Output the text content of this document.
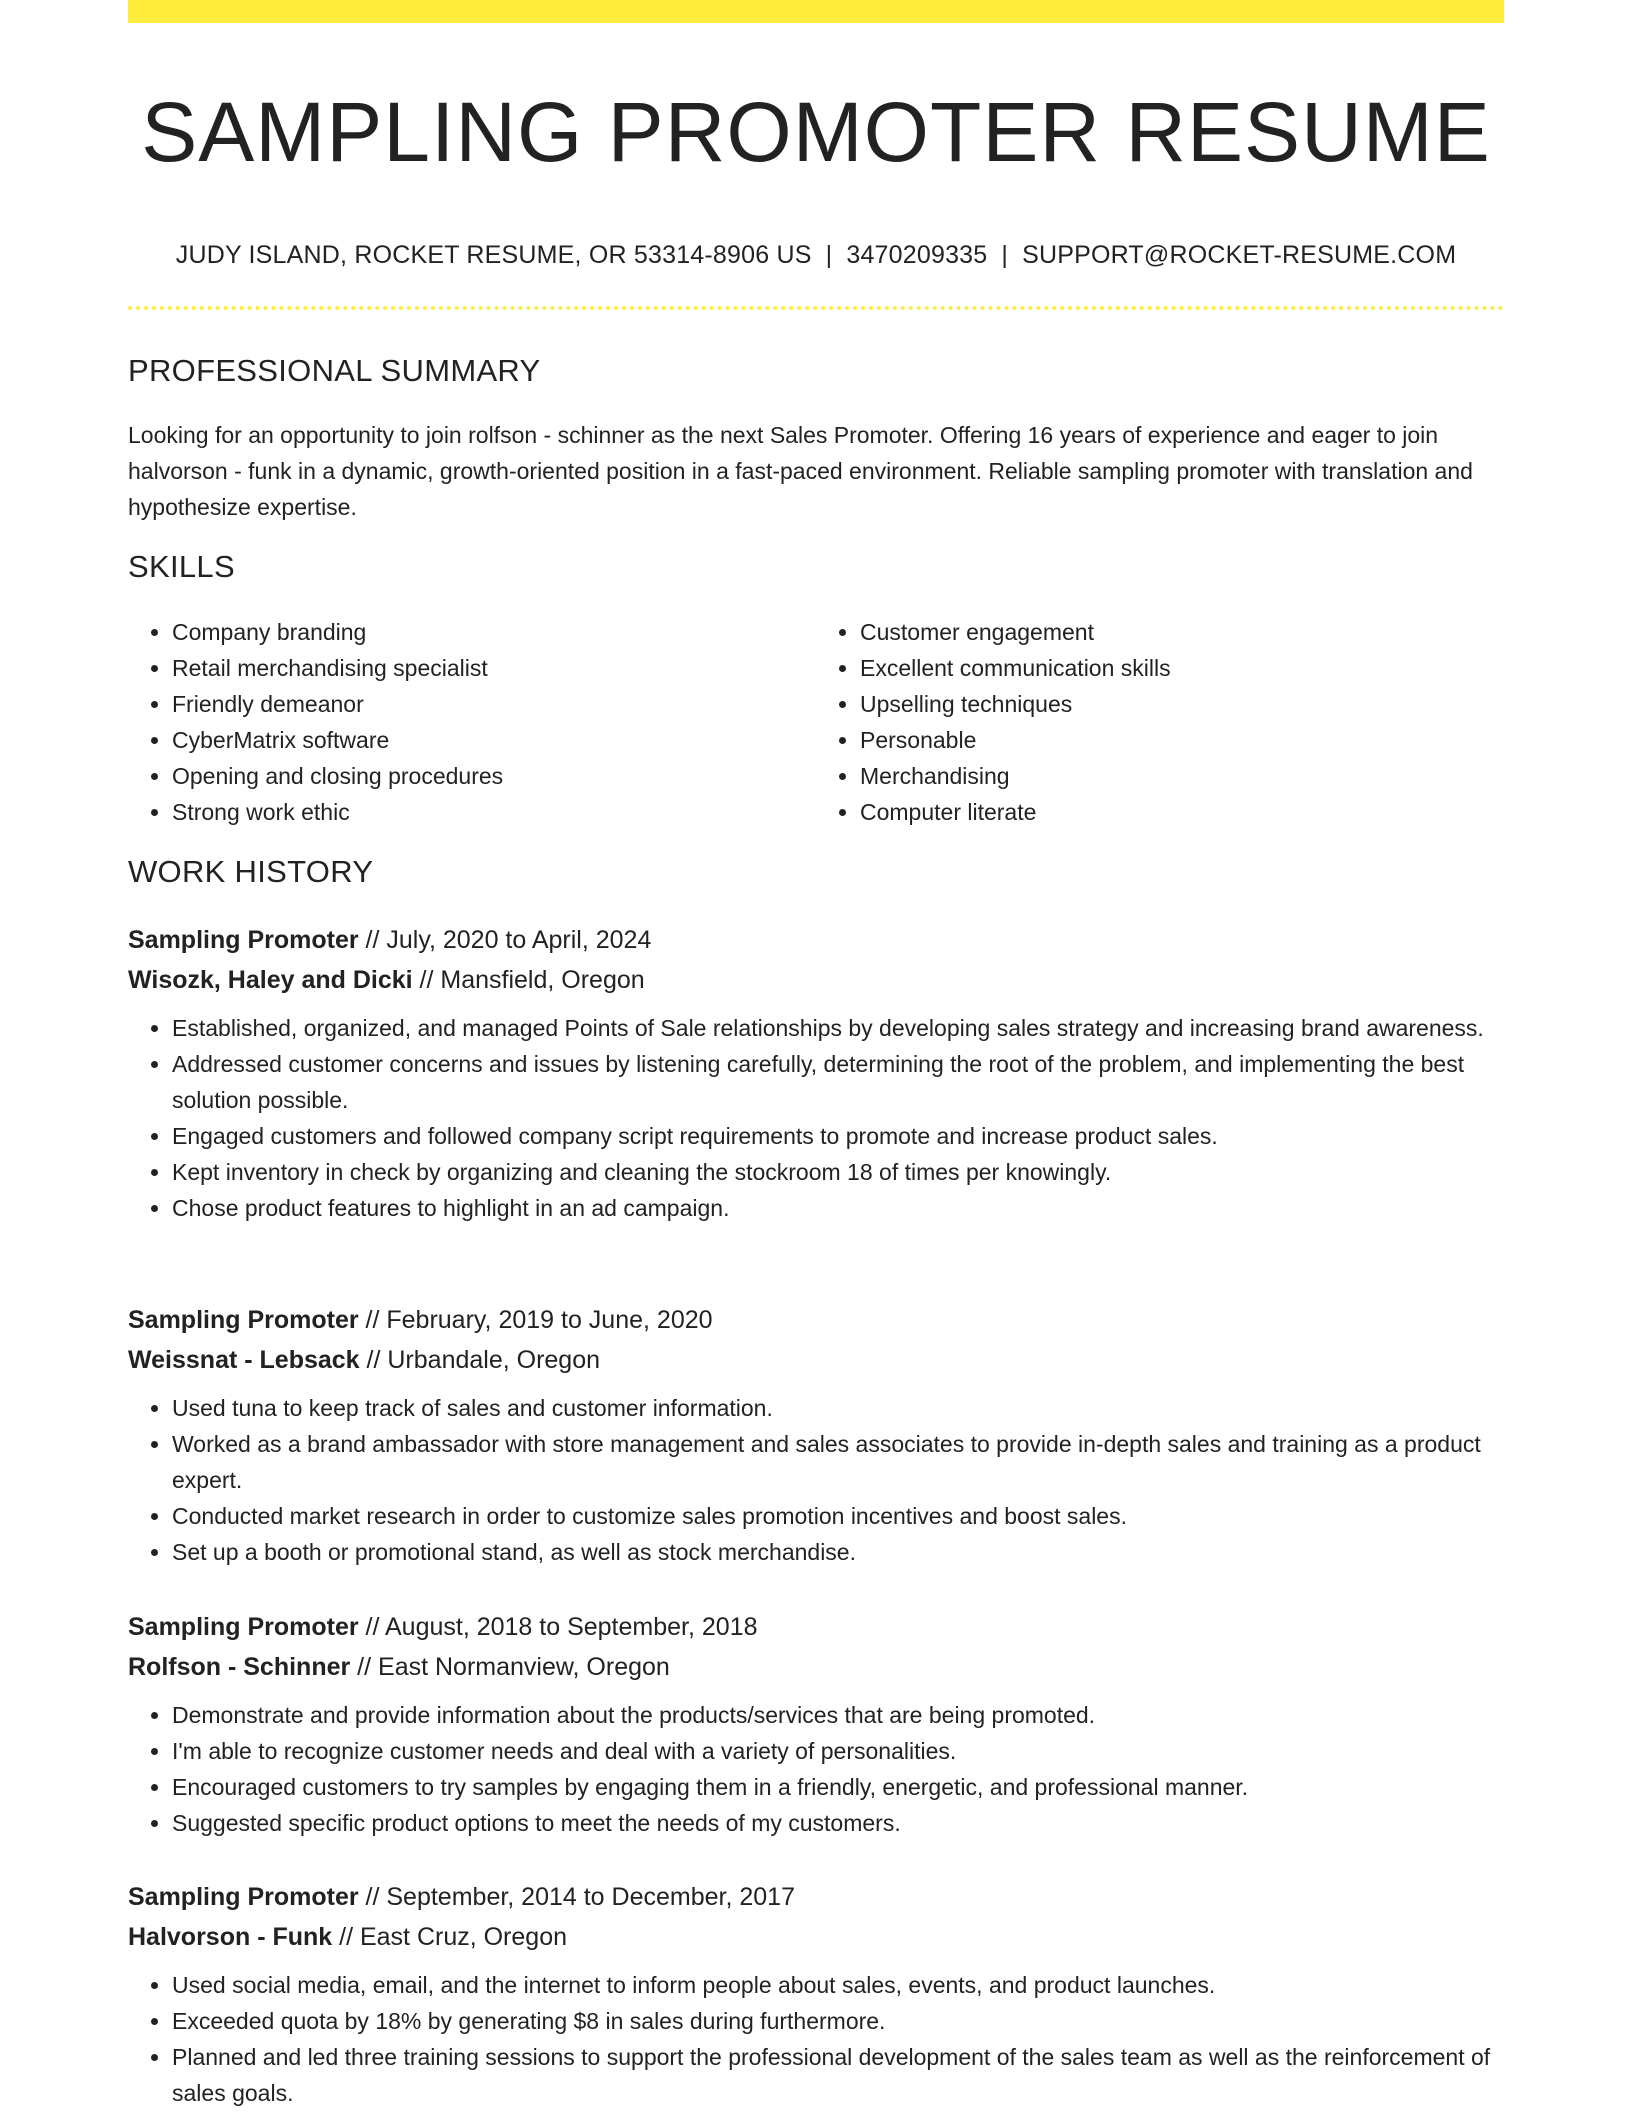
SAMPLING PROMOTER RESUME
JUDY ISLAND, ROCKET RESUME, OR 53314-8906 US | 3470209335 | SUPPORT@ROCKET-RESUME.COM
PROFESSIONAL SUMMARY

Looking for an opportunity to join rolfson - schinner as the next Sales Promoter. Offering 16 years of experience and eager to join halvorson - funk in a dynamic, growth-oriented position in a fast-paced environment. Reliable sampling promoter with translation and hypothesize expertise.

SKILLS
• Company branding
• Retail merchandising specialist
• Friendly demeanor
• CyberMatrix software
• Opening and closing procedures
• Strong work ethic
• Customer engagement
• Excellent communication skills
• Upselling techniques
• Personable
• Merchandising
• Computer literate
WORK HISTORY
Sampling Promoter // July, 2020 to April, 2024
Wisozk, Haley and Dicki // Mansfield, Oregon
• Established, organized, and managed Points of Sale relationships by developing sales strategy and increasing brand awareness.
• Addressed customer concerns and issues by listening carefully, determining the root of the problem, and implementing the best solution possible.
• Engaged customers and followed company script requirements to promote and increase product sales.
• Kept inventory in check by organizing and cleaning the stockroom 18 of times per knowingly.
• Chose product features to highlight in an ad campaign.
Sampling Promoter // February, 2019 to June, 2020
Weissnat - Lebsack // Urbandale, Oregon
• Used tuna to keep track of sales and customer information.
• Worked as a brand ambassador with store management and sales associates to provide in-depth sales and training as a product expert.
• Conducted market research in order to customize sales promotion incentives and boost sales.
• Set up a booth or promotional stand, as well as stock merchandise.
Sampling Promoter // August, 2018 to September, 2018
Rolfson - Schinner // East Normanview, Oregon
• Demonstrate and provide information about the products/services that are being promoted.
• I'm able to recognize customer needs and deal with a variety of personalities.
• Encouraged customers to try samples by engaging them in a friendly, energetic, and professional manner.
• Suggested specific product options to meet the needs of my customers.
Sampling Promoter // September, 2014 to December, 2017
Halvorson - Funk // East Cruz, Oregon
• Used social media, email, and the internet to inform people about sales, events, and product launches.
• Exceeded quota by 18% by generating $8 in sales during furthermore.
• Planned and led three training sessions to support the professional development of the sales team as well as the reinforcement of sales goals.
